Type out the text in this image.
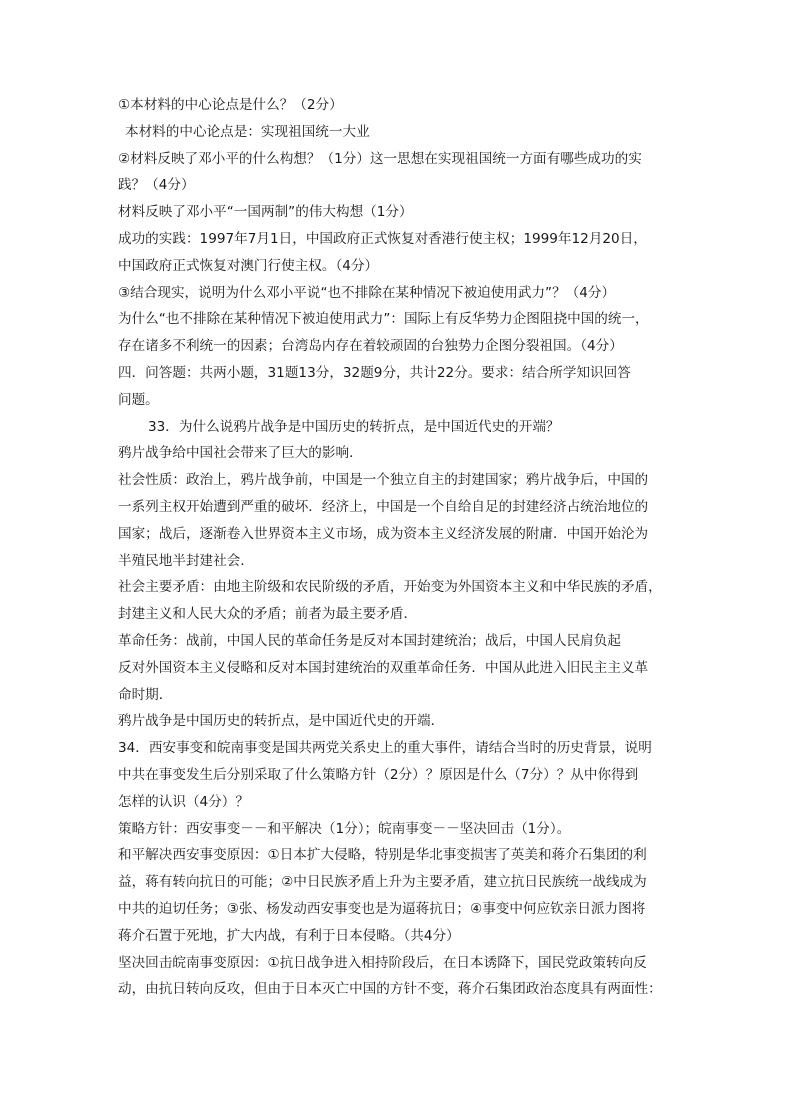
①本材料的中心论点是什么？（2分）

本材料的中心论点是：实现祖国统一大业

②材料反映了邓小平的什么构想？（1分）这一思想在实现祖国统一方面有哪些成功的实

践？（4分）

材料反映了邓小平“一国两制”的伟大构想（1分）

成功的实践：1997年7月1日，中国政府正式恢复对香港行使主权；1999年12月20日，

中国政府正式恢复对澳门行使主权。（4分）

③结合现实，说明为什么邓小平说“也不排除在某种情况下被迫使用武力”？（4分）

为什么“也不排除在某种情况下被迫使用武力”：国际上有反华势力企图阻挠中国的统一，

存在诸多不利统一的因素；台湾岛内存在着较顽固的台独势力企图分裂祖国。（4分）

四．问答题：共两小题，31题13分，32题9分，共计22分。要求：结合所学知识回答

问题。

33．为什么说鸦片战争是中国历史的转折点，是中国近代史的开端？

鸦片战争给中国社会带来了巨大的影响．

社会性质：政治上，鸦片战争前，中国是一个独立自主的封建国家；鸦片战争后，中国的

一系列主权开始遭到严重的破坏．经济上，中国是一个自给自足的封建经济占统治地位的

国家；战后，逐渐卷入世界资本主义市场，成为资本主义经济发展的附庸．中国开始沦为

半殖民地半封建社会．

社会主要矛盾：由地主阶级和农民阶级的矛盾，开始变为外国资本主义和中华民族的矛盾，

封建主义和人民大众的矛盾；前者为最主要矛盾．

革命任务：战前，中国人民的革命任务是反对本国封建统治；战后，中国人民肩负起

反对外国资本主义侵略和反对本国封建统治的双重革命任务．中国从此进入旧民主主义革

命时期．

鸦片战争是中国历史的转折点，是中国近代史的开端．

34．西安事变和皖南事变是国共两党关系史上的重大事件，请结合当时的历史背景，说明

中共在事变发生后分别采取了什么策略方针（2分）？原因是什么（7分）？从中你得到

怎样的认识（4分）？

策略方针：西安事变－－和平解决（1分）；皖南事变－－坚决回击（1分）。

和平解决西安事变原因：①日本扩大侵略，特别是华北事变损害了英美和蒋介石集团的利

益，蒋有转向抗日的可能；②中日民族矛盾上升为主要矛盾，建立抗日民族统一战线成为

中共的迫切任务；③张、杨发动西安事变也是为逼蒋抗日；④事变中何应钦亲日派力图将

蒋介石置于死地，扩大内战，有利于日本侵略。（共4分）

坚决回击皖南事变原因：①抗日战争进入相持阶段后，在日本诱降下，国民党政策转向反

动，由抗日转向反攻，但由于日本灭亡中国的方针不变，蒋介石集团政治态度具有两面性：
